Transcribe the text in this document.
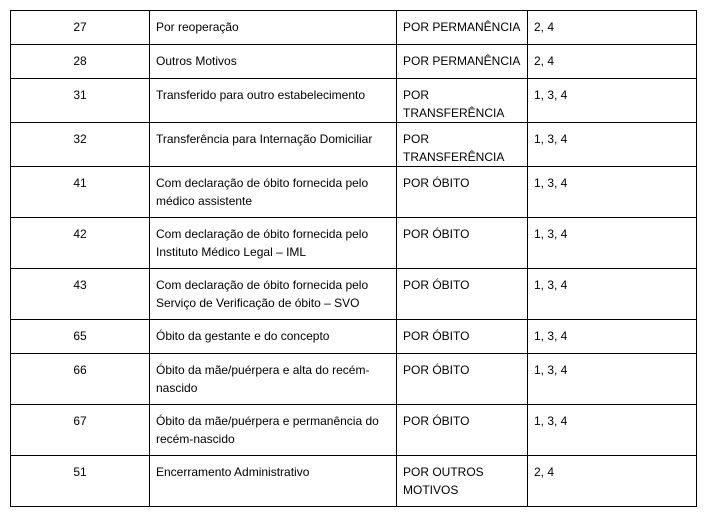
27	Por reoperação	POR PERMANÊNCIA	2, 4
28	Outros Motivos	POR PERMANÊNCIA	2, 4
31	Transferido para outro estabelecimento	POR TRANSFERÊNCIA	1, 3, 4
32	Transferência para Internação Domiciliar	POR TRANSFERÊNCIA	1, 3, 4
41	Com declaração de óbito fornecida pelo médico assistente	POR ÓBITO	1, 3, 4
42	Com declaração de óbito fornecida pelo Instituto Médico Legal – IML	POR ÓBITO	1, 3, 4
43	Com declaração de óbito fornecida pelo Serviço de Verificação de óbito – SVO	POR ÓBITO	1, 3, 4
65	Óbito da gestante e do concepto	POR ÓBITO	1, 3, 4
66	Óbito da mãe/puérpera e alta do recém-nascido	POR ÓBITO	1, 3, 4
67	Óbito da mãe/puérpera e permanência do recém-nascido	POR ÓBITO	1, 3, 4
51	Encerramento Administrativo	POR OUTROS MOTIVOS	2, 4
